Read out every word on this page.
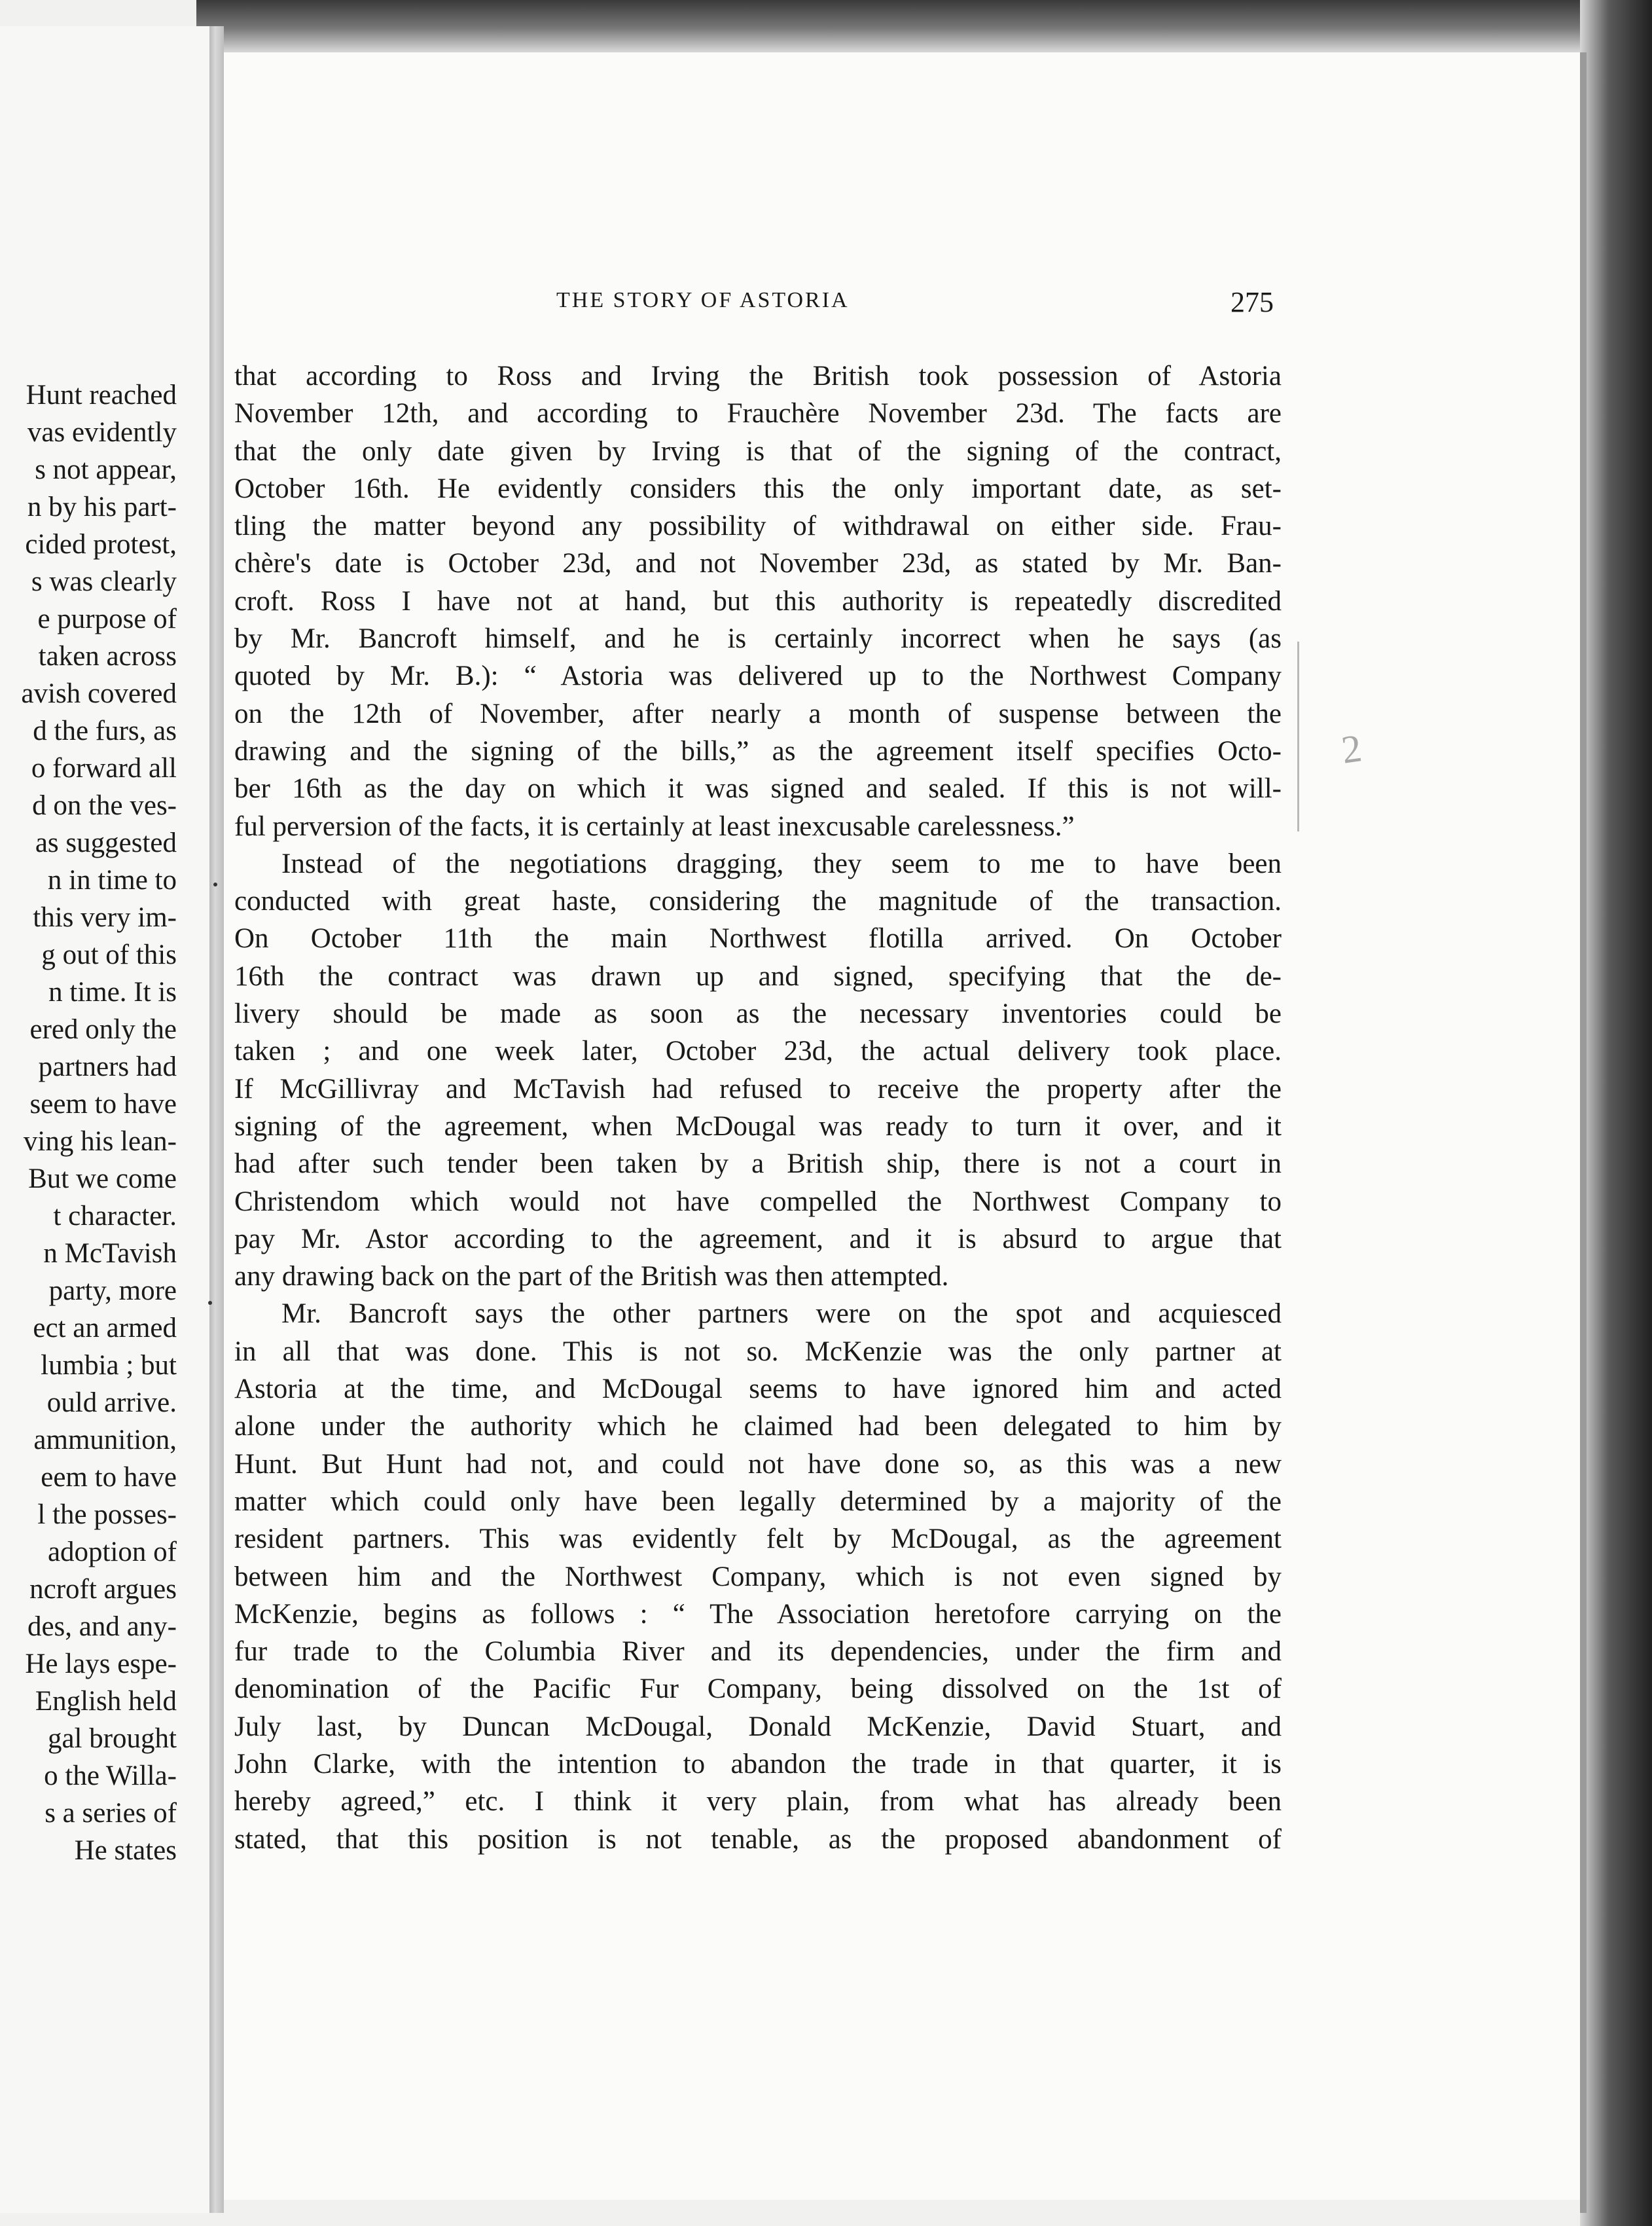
Hunt reached
vas evidently
s not appear,
n by his part-
cided protest,
s was clearly
e purpose of
taken across
avish covered
d the furs, as
o forward all
d on the ves-
as suggested
n in time to
this very im-
g out of this
n time. It is
ered only the
partners had
seem to have
ving his lean-
But we come
t character.
n McTavish
party, more
ect an armed
lumbia ; but
ould arrive.
ammunition,
eem to have
l the posses-
adoption of
ncroft argues
des, and any-
He lays espe-
English held
gal brought
o the Willa-
s a series of
He states
THE STORY OF ASTORIA	275
that according to Ross and Irving the British took possession of Astoria
November 12th, and according to Frauchère November 23d. The facts are
that the only date given by Irving is that of the signing of the contract,
October 16th. He evidently considers this the only important date, as set-
tling the matter beyond any possibility of withdrawal on either side. Frau-
chère's date is October 23d, and not November 23d, as stated by Mr. Ban-
croft. Ross I have not at hand, but this authority is repeatedly discredited
by Mr. Bancroft himself, and he is certainly incorrect when he says (as
quoted by Mr. B.): “ Astoria was delivered up to the Northwest Company
on the 12th of November, after nearly a month of suspense between the
drawing and the signing of the bills,” as the agreement itself specifies Octo-
ber 16th as the day on which it was signed and sealed. If this is not will-
ful perversion of the facts, it is certainly at least inexcusable carelessness.”
Instead of the negotiations dragging, they seem to me to have been
conducted with great haste, considering the magnitude of the transaction.
On October 11th the main Northwest flotilla arrived. On October
16th the contract was drawn up and signed, specifying that the de-
livery should be made as soon as the necessary inventories could be
taken ; and one week later, October 23d, the actual delivery took place.
If McGillivray and McTavish had refused to receive the property after the
signing of the agreement, when McDougal was ready to turn it over, and it
had after such tender been taken by a British ship, there is not a court in
Christendom which would not have compelled the Northwest Company to
pay Mr. Astor according to the agreement, and it is absurd to argue that
any drawing back on the part of the British was then attempted.
Mr. Bancroft says the other partners were on the spot and acquiesced
in all that was done. This is not so. McKenzie was the only partner at
Astoria at the time, and McDougal seems to have ignored him and acted
alone under the authority which he claimed had been delegated to him by
Hunt. But Hunt had not, and could not have done so, as this was a new
matter which could only have been legally determined by a majority of the
resident partners. This was evidently felt by McDougal, as the agreement
between him and the Northwest Company, which is not even signed by
McKenzie, begins as follows : “ The Association heretofore carrying on the
fur trade to the Columbia River and its dependencies, under the firm and
denomination of the Pacific Fur Company, being dissolved on the 1st of
July last, by Duncan McDougal, Donald McKenzie, David Stuart, and
John Clarke, with the intention to abandon the trade in that quarter, it is
hereby agreed,” etc. I think it very plain, from what has already been
stated, that this position is not tenable, as the proposed abandonment of
2
